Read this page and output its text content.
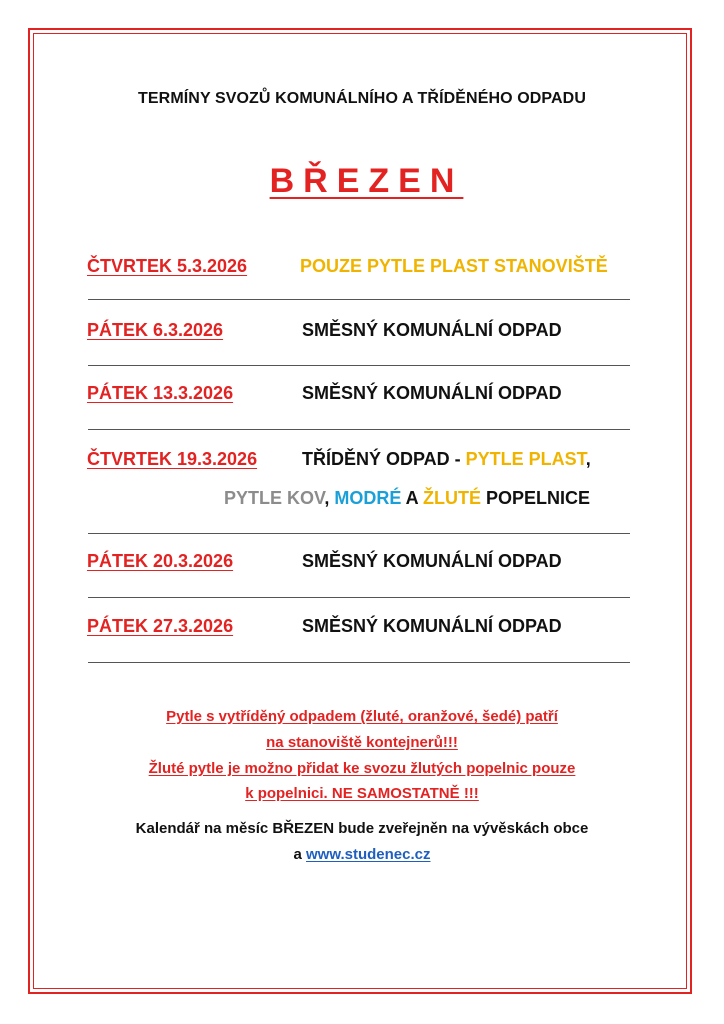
TERMÍNY SVOZŮ KOMUNÁLNÍHO A TŘÍDĚNÉHO ODPADU
BŘEZEN
ČTVRTEK 5.3.2026	POUZE PYTLE PLAST STANOVIŠTĚ
PÁTEK 6.3.2026	SMĚSNÝ KOMUNÁLNÍ ODPAD
PÁTEK 13.3.2026	SMĚSNÝ KOMUNÁLNÍ ODPAD
ČTVRTEK 19.3.2026 TŘÍDĚNÝ ODPAD - PYTLE PLAST,
PYTLE KOV, MODRÉ A ŽLUTÉ POPELNICE
PÁTEK 20.3.2026	SMĚSNÝ KOMUNÁLNÍ ODPAD
PÁTEK 27.3.2026	SMĚSNÝ KOMUNÁLNÍ ODPAD
Pytle s vytříděný odpadem (žluté, oranžové, šedé) patří
na stanoviště kontejnerů!!!
Žluté pytle je možno přidat ke svozu žlutých popelnic pouze
k popelnici. NE SAMOSTATNĚ !!!
Kalendář na měsíc BŘEZEN bude zveřejněn na vývěskách obce
a www.studenec.cz
